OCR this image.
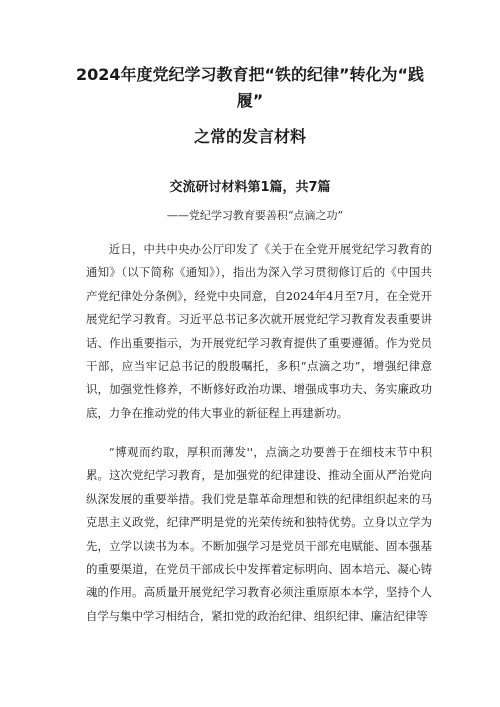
2024年度党纪学习教育把“铁的纪律”转化为“践
履”
之常的发言材料
交流研讨材料第1篇，共7篇
——党纪学习教育要善积“点滴之功”

近日，中共中央办公厅印发了《关于在全党开展党纪学习教育的通知》（以下简称《通知》），指出为深入学习贯彻修订后的《中国共产党纪律处分条例》，经党中央同意，自2024年4月至7月，在全党开展党纪学习教育。习近平总书记多次就开展党纪学习教育发表重要讲话、作出重要指示，为开展党纪学习教育提供了重要遵循。作为党员干部，应当牢记总书记的殷殷嘱托，多积“点滴之功”，增强纪律意识，加强党性修养，不断修好政治功课、增强成事功夫、务实廉政功底，力争在推动党的伟大事业的新征程上再建新功。

“博观而约取，厚积而薄发''，点滴之功要善于在细枝末节中积累。这次党纪学习教育，是加强党的纪律建设、推动全面从严治党向纵深发展的重要举措。我们党是靠革命理想和铁的纪律组织起来的马克思主义政党，纪律严明是党的光荣传统和独特优势。立身以立学为先，立学以读书为本。不断加强学习是党员干部充电赋能、固本强基的重要渠道，在党员干部成长中发挥着定标明向、固本培元、凝心铸魂的作用。高质量开展党纪学习教育必须注重原原本本学，坚持个人自学与集中学习相结合，紧扣党的政治纪律、组织纪律、廉洁纪律等
